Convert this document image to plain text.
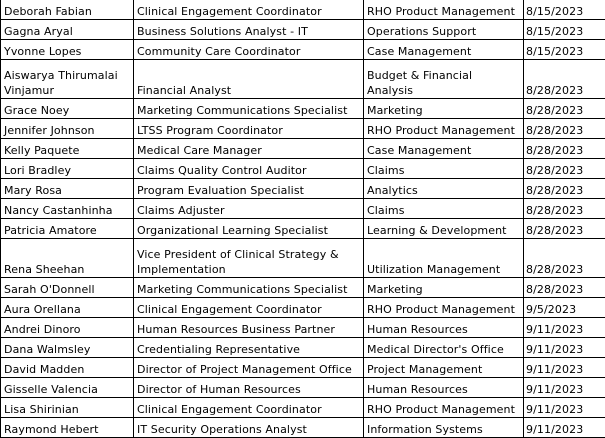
Deborah Fabian	Clinical Engagement Coordinator	RHO Product Management	8/15/2023
Gagna Aryal	Business Solutions Analyst - IT	Operations Support	8/15/2023
Yvonne Lopes	Community Care Coordinator	Case Management	8/15/2023
Aiswarya Thirumalai Vinjamur	Financial Analyst	Budget & Financial Analysis	8/28/2023
Grace Noey	Marketing Communications Specialist	Marketing	8/28/2023
Jennifer Johnson	LTSS Program Coordinator	RHO Product Management	8/28/2023
Kelly Paquete	Medical Care Manager	Case Management	8/28/2023
Lori Bradley	Claims Quality Control Auditor	Claims	8/28/2023
Mary Rosa	Program Evaluation Specialist	Analytics	8/28/2023
Nancy Castanhinha	Claims Adjuster	Claims	8/28/2023
Patricia Amatore	Organizational Learning Specialist	Learning & Development	8/28/2023
Rena Sheehan	Vice President of Clinical Strategy & Implementation	Utilization Management	8/28/2023
Sarah O'Donnell	Marketing Communications Specialist	Marketing	8/28/2023
Aura Orellana	Clinical Engagement Coordinator	RHO Product Management	9/5/2023
Andrei Dinoro	Human Resources Business Partner	Human Resources	9/11/2023
Dana Walmsley	Credentialing Representative	Medical Director's Office	9/11/2023
David Madden	Director of Project Management Office	Project Management	9/11/2023
Gisselle Valencia	Director of Human Resources	Human Resources	9/11/2023
Lisa Shirinian	Clinical Engagement Coordinator	RHO Product Management	9/11/2023
Raymond Hebert	IT Security Operations Analyst	Information Systems	9/11/2023
